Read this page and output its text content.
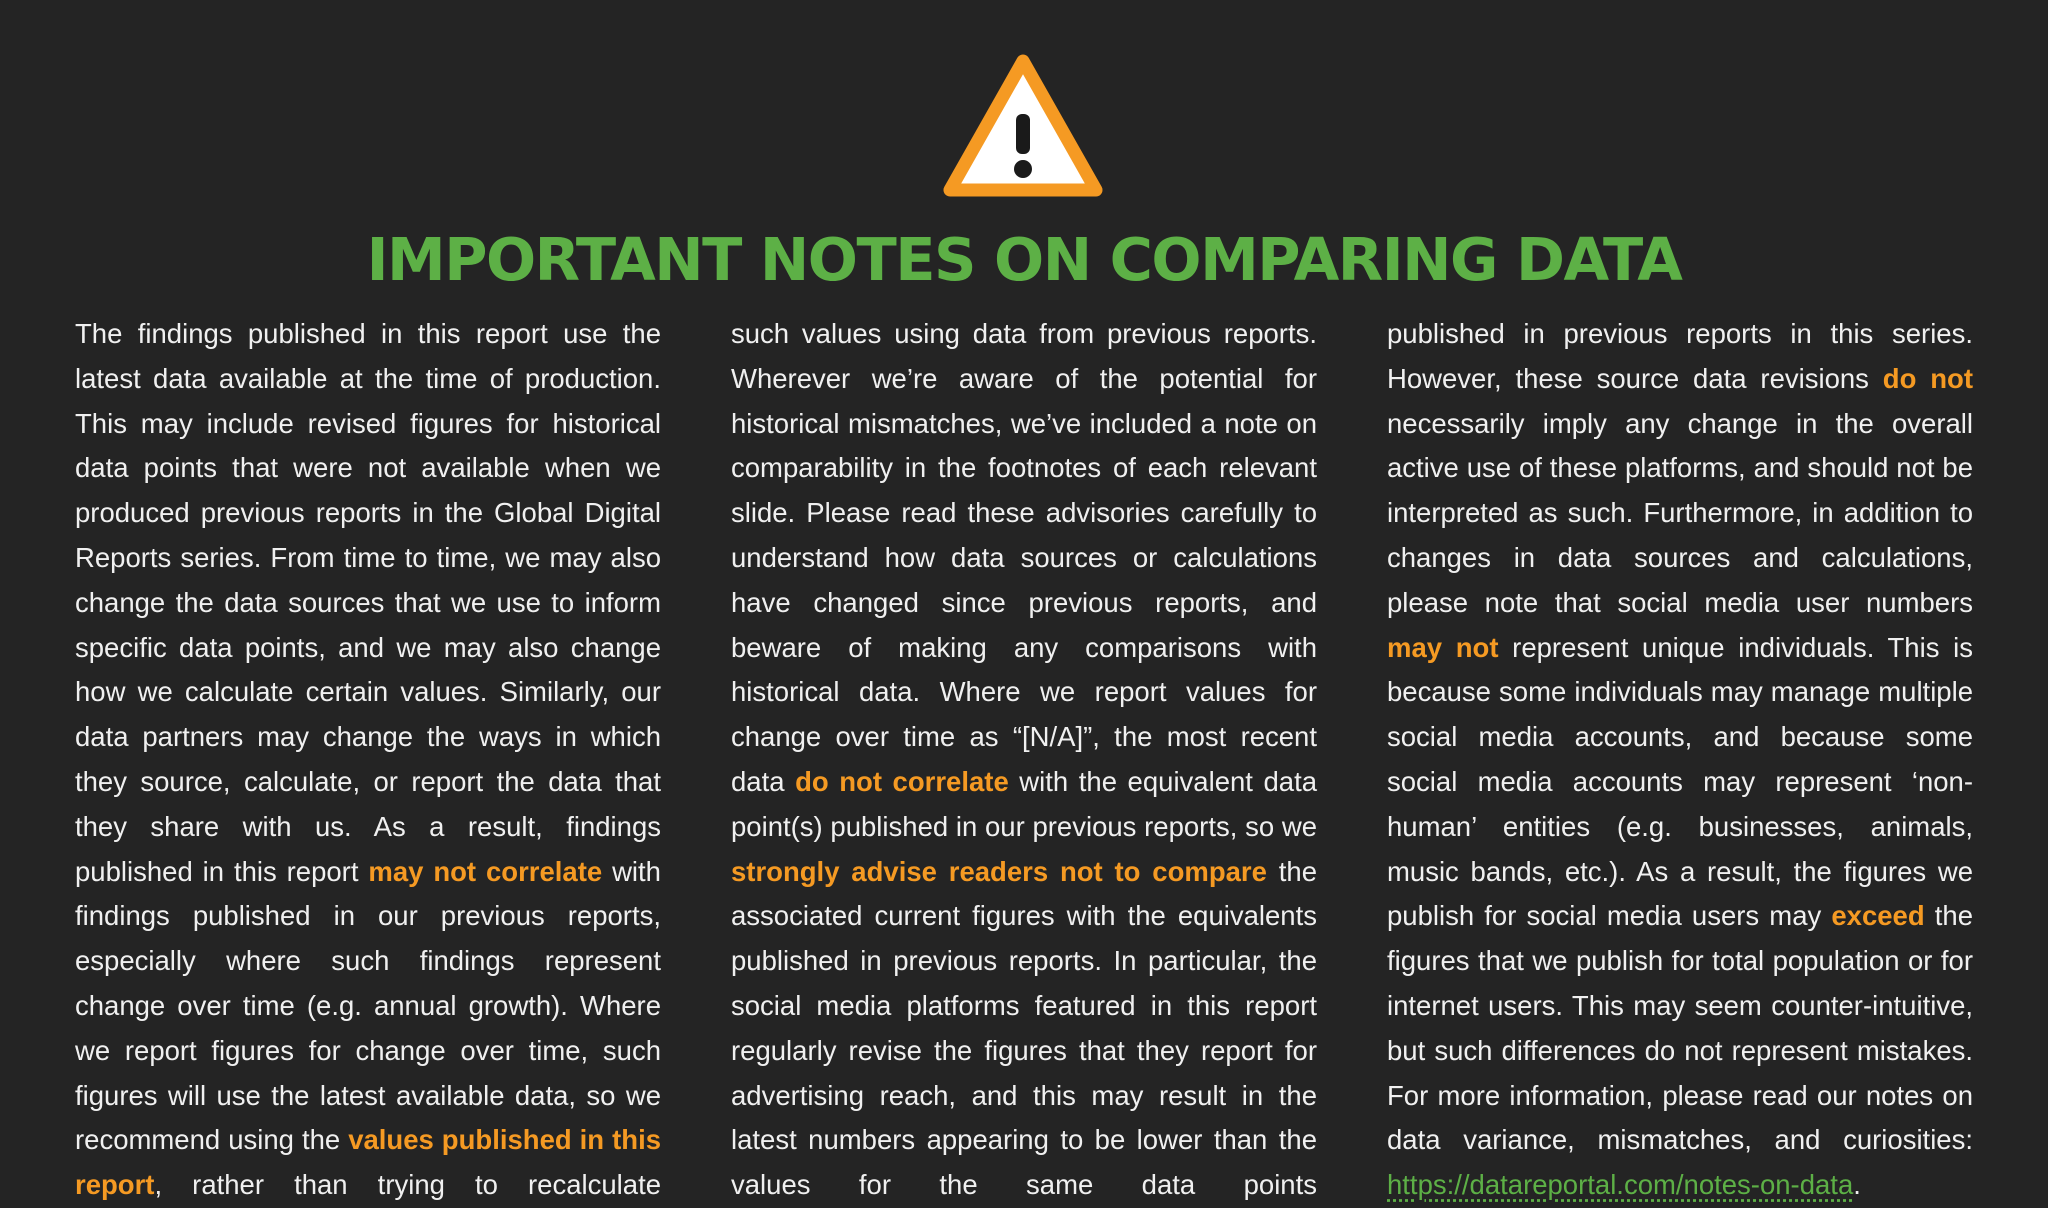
IMPORTANT NOTES ON COMPARING DATA

The findings published in this report use the latest data available at the time of production. This may include revised figures for historical data points that were not available when we produced previous reports in the Global Digital Reports series. From time to time, we may also change the data sources that we use to inform specific data points, and we may also change how we calculate certain values. Similarly, our data partners may change the ways in which they source, calculate, or report the data that they share with us. As a result, findings published in this report may not correlate with findings published in our previous reports, especially where such findings represent change over time (e.g. annual growth). Where we report figures for change over time, such figures will use the latest available data, so we recommend using the values published in this report, rather than trying to recalculate

such values using data from previous reports. Wherever we’re aware of the potential for historical mismatches, we’ve included a note on comparability in the footnotes of each relevant slide. Please read these advisories carefully to understand how data sources or calculations have changed since previous reports, and beware of making any comparisons with historical data. Where we report values for change over time as “[N/A]”, the most recent data do not correlate with the equivalent data point(s) published in our previous reports, so we strongly advise readers not to compare the associated current figures with the equivalents published in previous reports. In particular, the social media platforms featured in this report regularly revise the figures that they report for advertising reach, and this may result in the latest numbers appearing to be lower than the values for the same data points

published in previous reports in this series. However, these source data revisions do not necessarily imply any change in the overall active use of these platforms, and should not be interpreted as such. Furthermore, in addition to changes in data sources and calculations, please note that social media user numbers may not represent unique individuals. This is because some individuals may manage multiple social media accounts, and because some social media accounts may represent ‘non-human’ entities (e.g. businesses, animals, music bands, etc.). As a result, the figures we publish for social media users may exceed the figures that we publish for total population or for internet users. This may seem counter-intuitive, but such differences do not represent mistakes. For more information, please read our notes on data variance, mismatches, and curiosities: https://datareportal.com/notes-on-data.
